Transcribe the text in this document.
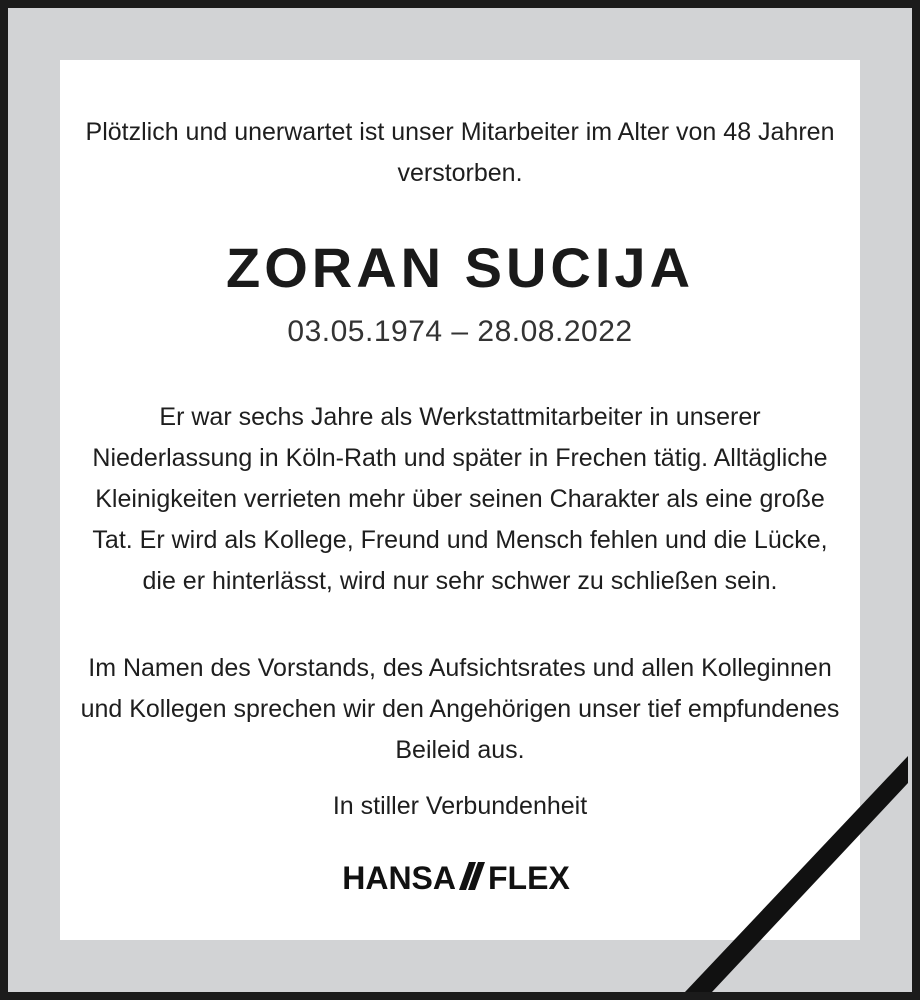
Plötzlich und unerwartet ist unser Mitarbeiter im Alter von 48 Jahren verstorben.
ZORAN SUCIJA
03.05.1974 – 28.08.2022
Er war sechs Jahre als Werkstattmitarbeiter in unserer Niederlassung in Köln-Rath und später in Frechen tätig. Alltägliche Kleinigkeiten verrieten mehr über seinen Charakter als eine große Tat. Er wird als Kollege, Freund und Mensch fehlen und die Lücke, die er hinterlässt, wird nur sehr schwer zu schließen sein.
Im Namen des Vorstands, des Aufsichtsrates und allen Kolleginnen und Kollegen sprechen wir den Angehörigen unser tief empfundenes Beileid aus.
In stiller Verbundenheit
HANSA FLEX
